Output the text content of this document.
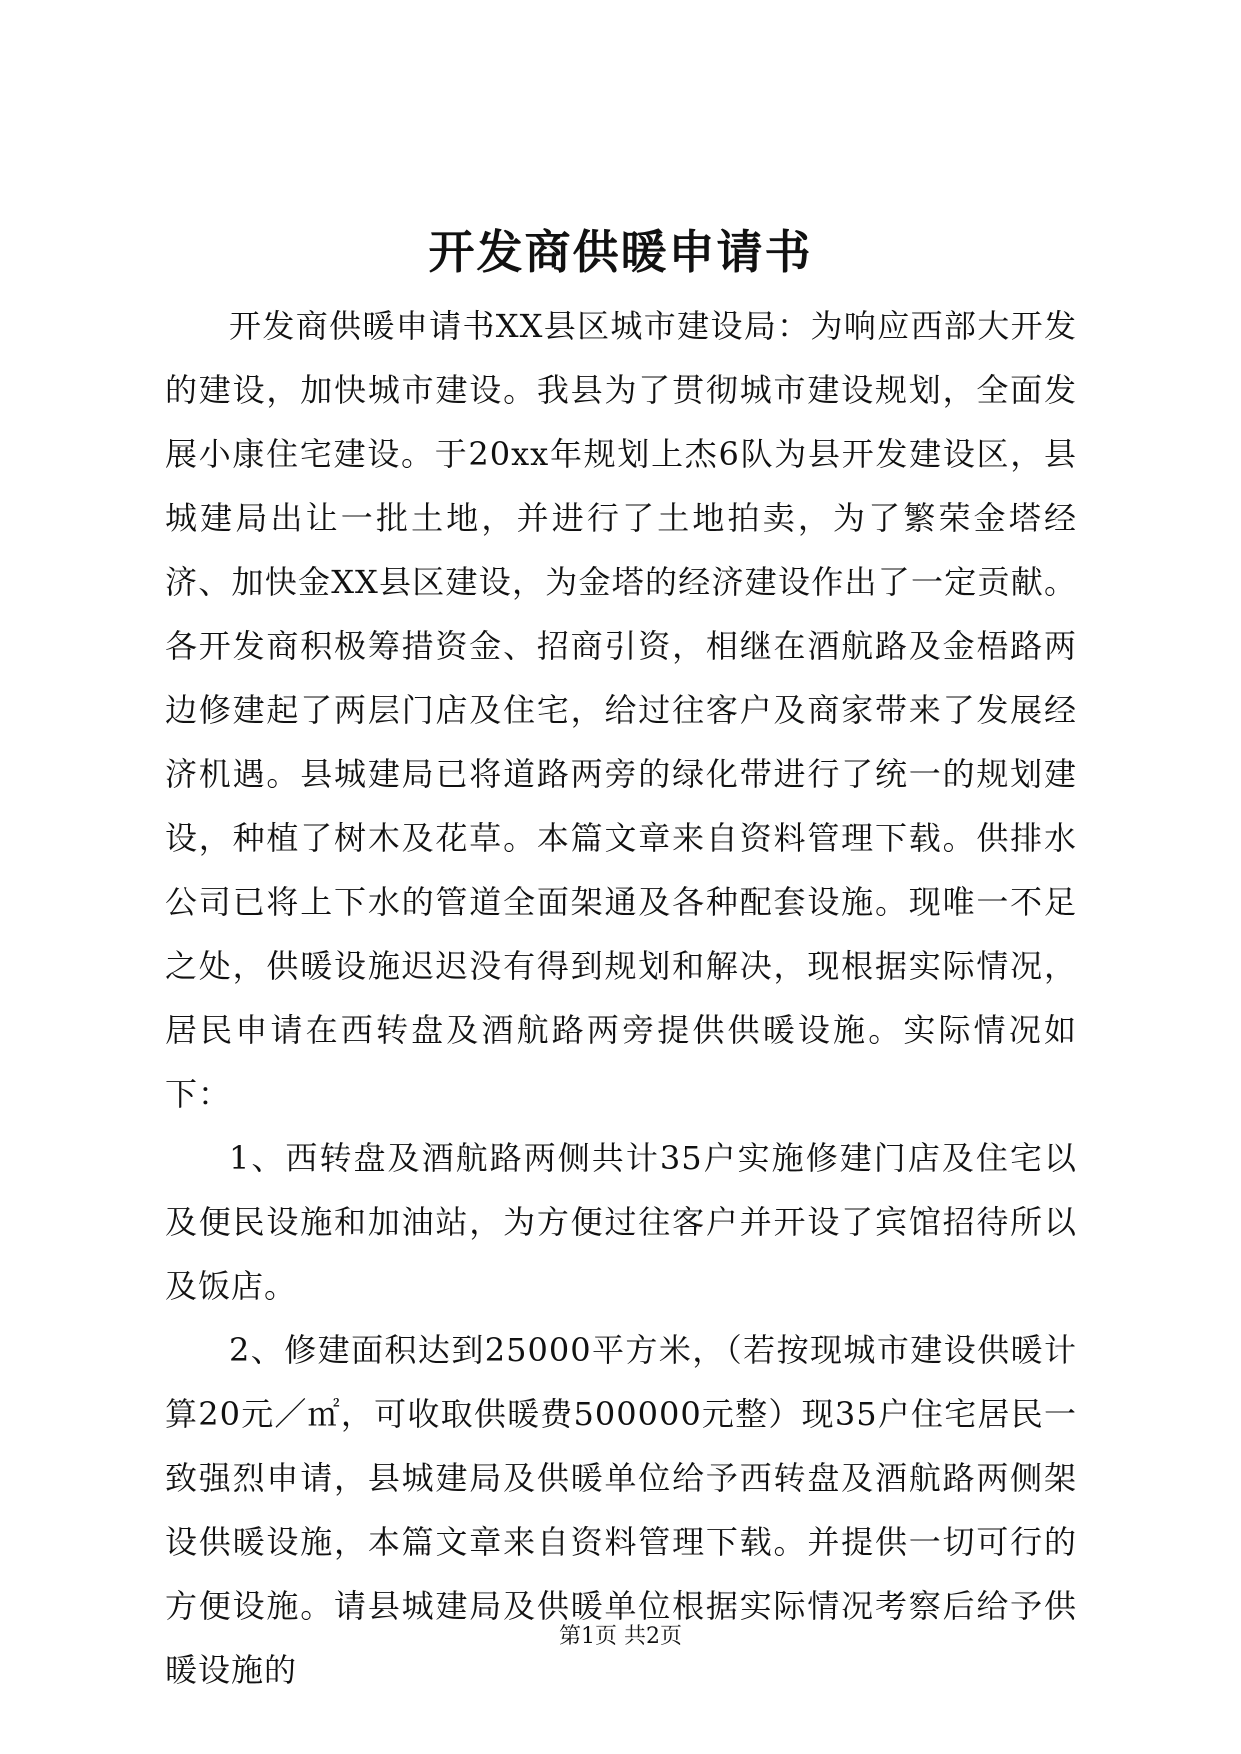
开发商供暖申请书

开发商供暖申请书XX县区城市建设局：为响应西部大开发的建设，加快城市建设。我县为了贯彻城市建设规划，全面发展小康住宅建设。于20xx年规划上杰6队为县开发建设区，县城建局出让一批土地，并进行了土地拍卖，为了繁荣金塔经济、加快金XX县区建设，为金塔的经济建设作出了一定贡献。各开发商积极筹措资金、招商引资，相继在酒航路及金梧路两边修建起了两层门店及住宅，给过往客户及商家带来了发展经济机遇。县城建局已将道路两旁的绿化带进行了统一的规划建设，种植了树木及花草。本篇文章来自资料管理下载。供排水公司已将上下水的管道全面架通及各种配套设施。现唯一不足之处，供暖设施迟迟没有得到规划和解决，现根据实际情况，居民申请在西转盘及酒航路两旁提供供暖设施。实际情况如下：

1、西转盘及酒航路两侧共计35户实施修建门店及住宅以及便民设施和加油站，为方便过往客户并开设了宾馆招待所以及饭店。

2、修建面积达到25000平方米，（若按现城市建设供暖计算20元／㎡，可收取供暖费500000元整）现35户住宅居民一致强烈申请，县城建局及供暖单位给予西转盘及酒航路两侧架设供暖设施，本篇文章来自资料管理下载。并提供一切可行的方便设施。请县城建局及供暖单位根据实际情况考察后给予供暖设施的

第1页 共2页
